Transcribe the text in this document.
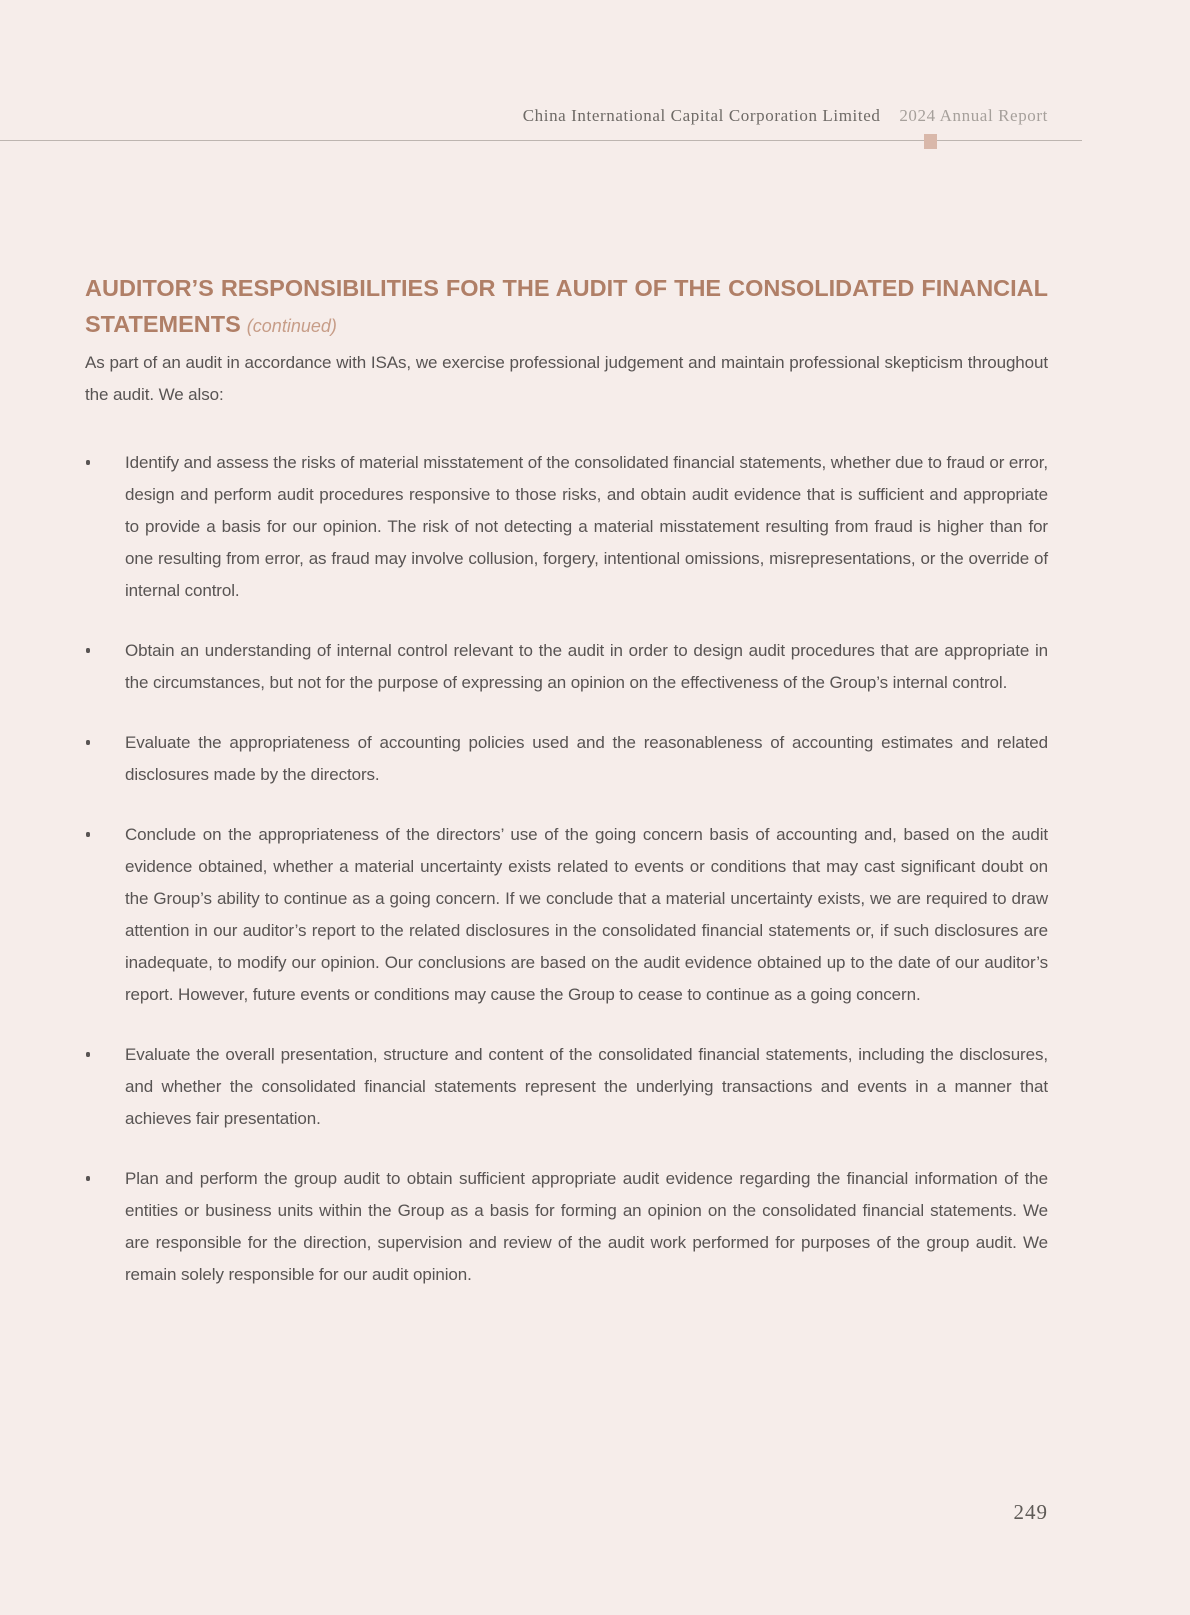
China International Capital Corporation Limited 2024 Annual Report
AUDITOR’S RESPONSIBILITIES FOR THE AUDIT OF THE CONSOLIDATED FINANCIAL
STATEMENTS (continued)

As part of an audit in accordance with ISAs, we exercise professional judgement and maintain professional skepticism throughout the audit. We also:

Identify and assess the risks of material misstatement of the consolidated financial statements, whether due to fraud or error, design and perform audit procedures responsive to those risks, and obtain audit evidence that is sufficient and appropriate to provide a basis for our opinion. The risk of not detecting a material misstatement resulting from fraud is higher than for one resulting from error, as fraud may involve collusion, forgery, intentional omissions, misrepresentations, or the override of internal control.
Obtain an understanding of internal control relevant to the audit in order to design audit procedures that are appropriate in the circumstances, but not for the purpose of expressing an opinion on the effectiveness of the Group’s internal control.
Evaluate the appropriateness of accounting policies used and the reasonableness of accounting estimates and related disclosures made by the directors.
Conclude on the appropriateness of the directors’ use of the going concern basis of accounting and, based on the audit evidence obtained, whether a material uncertainty exists related to events or conditions that may cast significant doubt on the Group’s ability to continue as a going concern. If we conclude that a material uncertainty exists, we are required to draw attention in our auditor’s report to the related disclosures in the consolidated financial statements or, if such disclosures are inadequate, to modify our opinion. Our conclusions are based on the audit evidence obtained up to the date of our auditor’s report. However, future events or conditions may cause the Group to cease to continue as a going concern.
Evaluate the overall presentation, structure and content of the consolidated financial statements, including the disclosures, and whether the consolidated financial statements represent the underlying transactions and events in a manner that achieves fair presentation.
Plan and perform the group audit to obtain sufficient appropriate audit evidence regarding the financial information of the entities or business units within the Group as a basis for forming an opinion on the consolidated financial statements. We are responsible for the direction, supervision and review of the audit work performed for purposes of the group audit. We remain solely responsible for our audit opinion.
249
